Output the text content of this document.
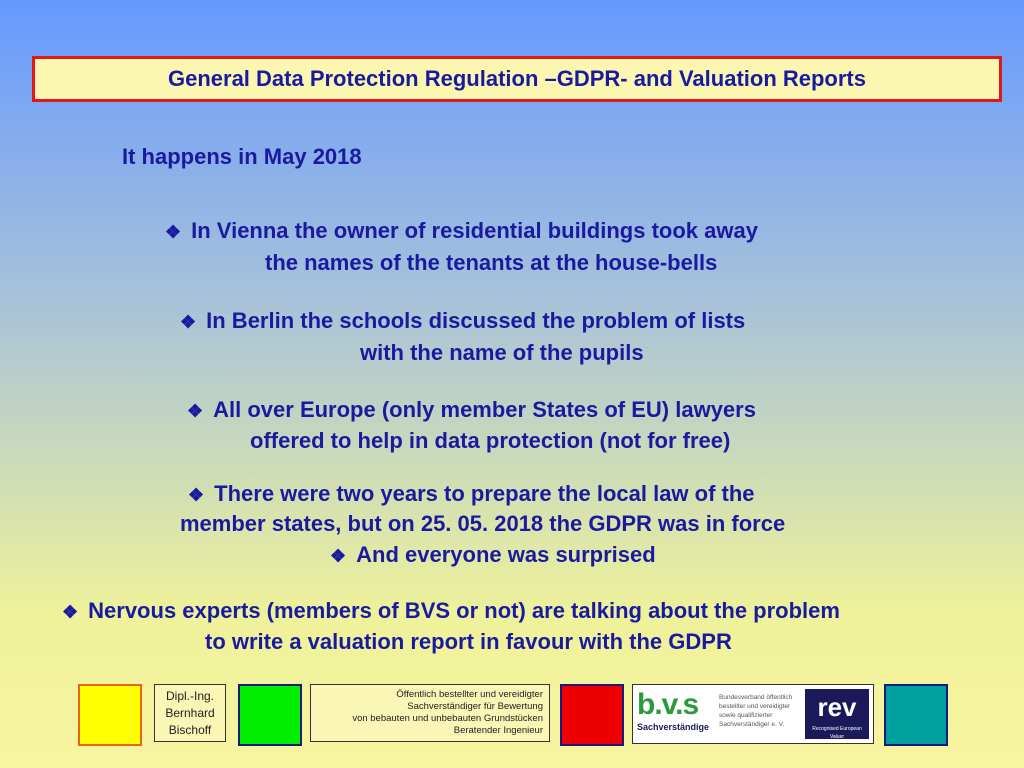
General Data Protection Regulation –GDPR- and Valuation Reports
It happens in May 2018
❖ In Vienna the owner of residential buildings took away
the names of the tenants at the house-bells
❖ In Berlin the schools discussed the problem of lists
with the name of the pupils
❖ All over Europe (only member States of EU) lawyers
offered to help in data protection (not for free)
❖ There were two years to prepare the local law of the
member states, but on 25. 05. 2018 the GDPR was in force
❖ And everyone was surprised
❖ Nervous experts (members of BVS or not) are talking about the problem
to write a valuation report in favour with the GDPR
Dipl.-Ing.
Bernhard
Bischoff
Öffentlich bestellter und vereidigter
Sachverständiger für Bewertung
von bebauten und unbebauten Grundstücken
Beratender Ingenieur
b.v.s
Sachverständige
Bundesverband öffentlich
bestellter und vereidigter
sowie qualifizierter
Sachverständiger e. V.
rev
Recognised European Valuer
